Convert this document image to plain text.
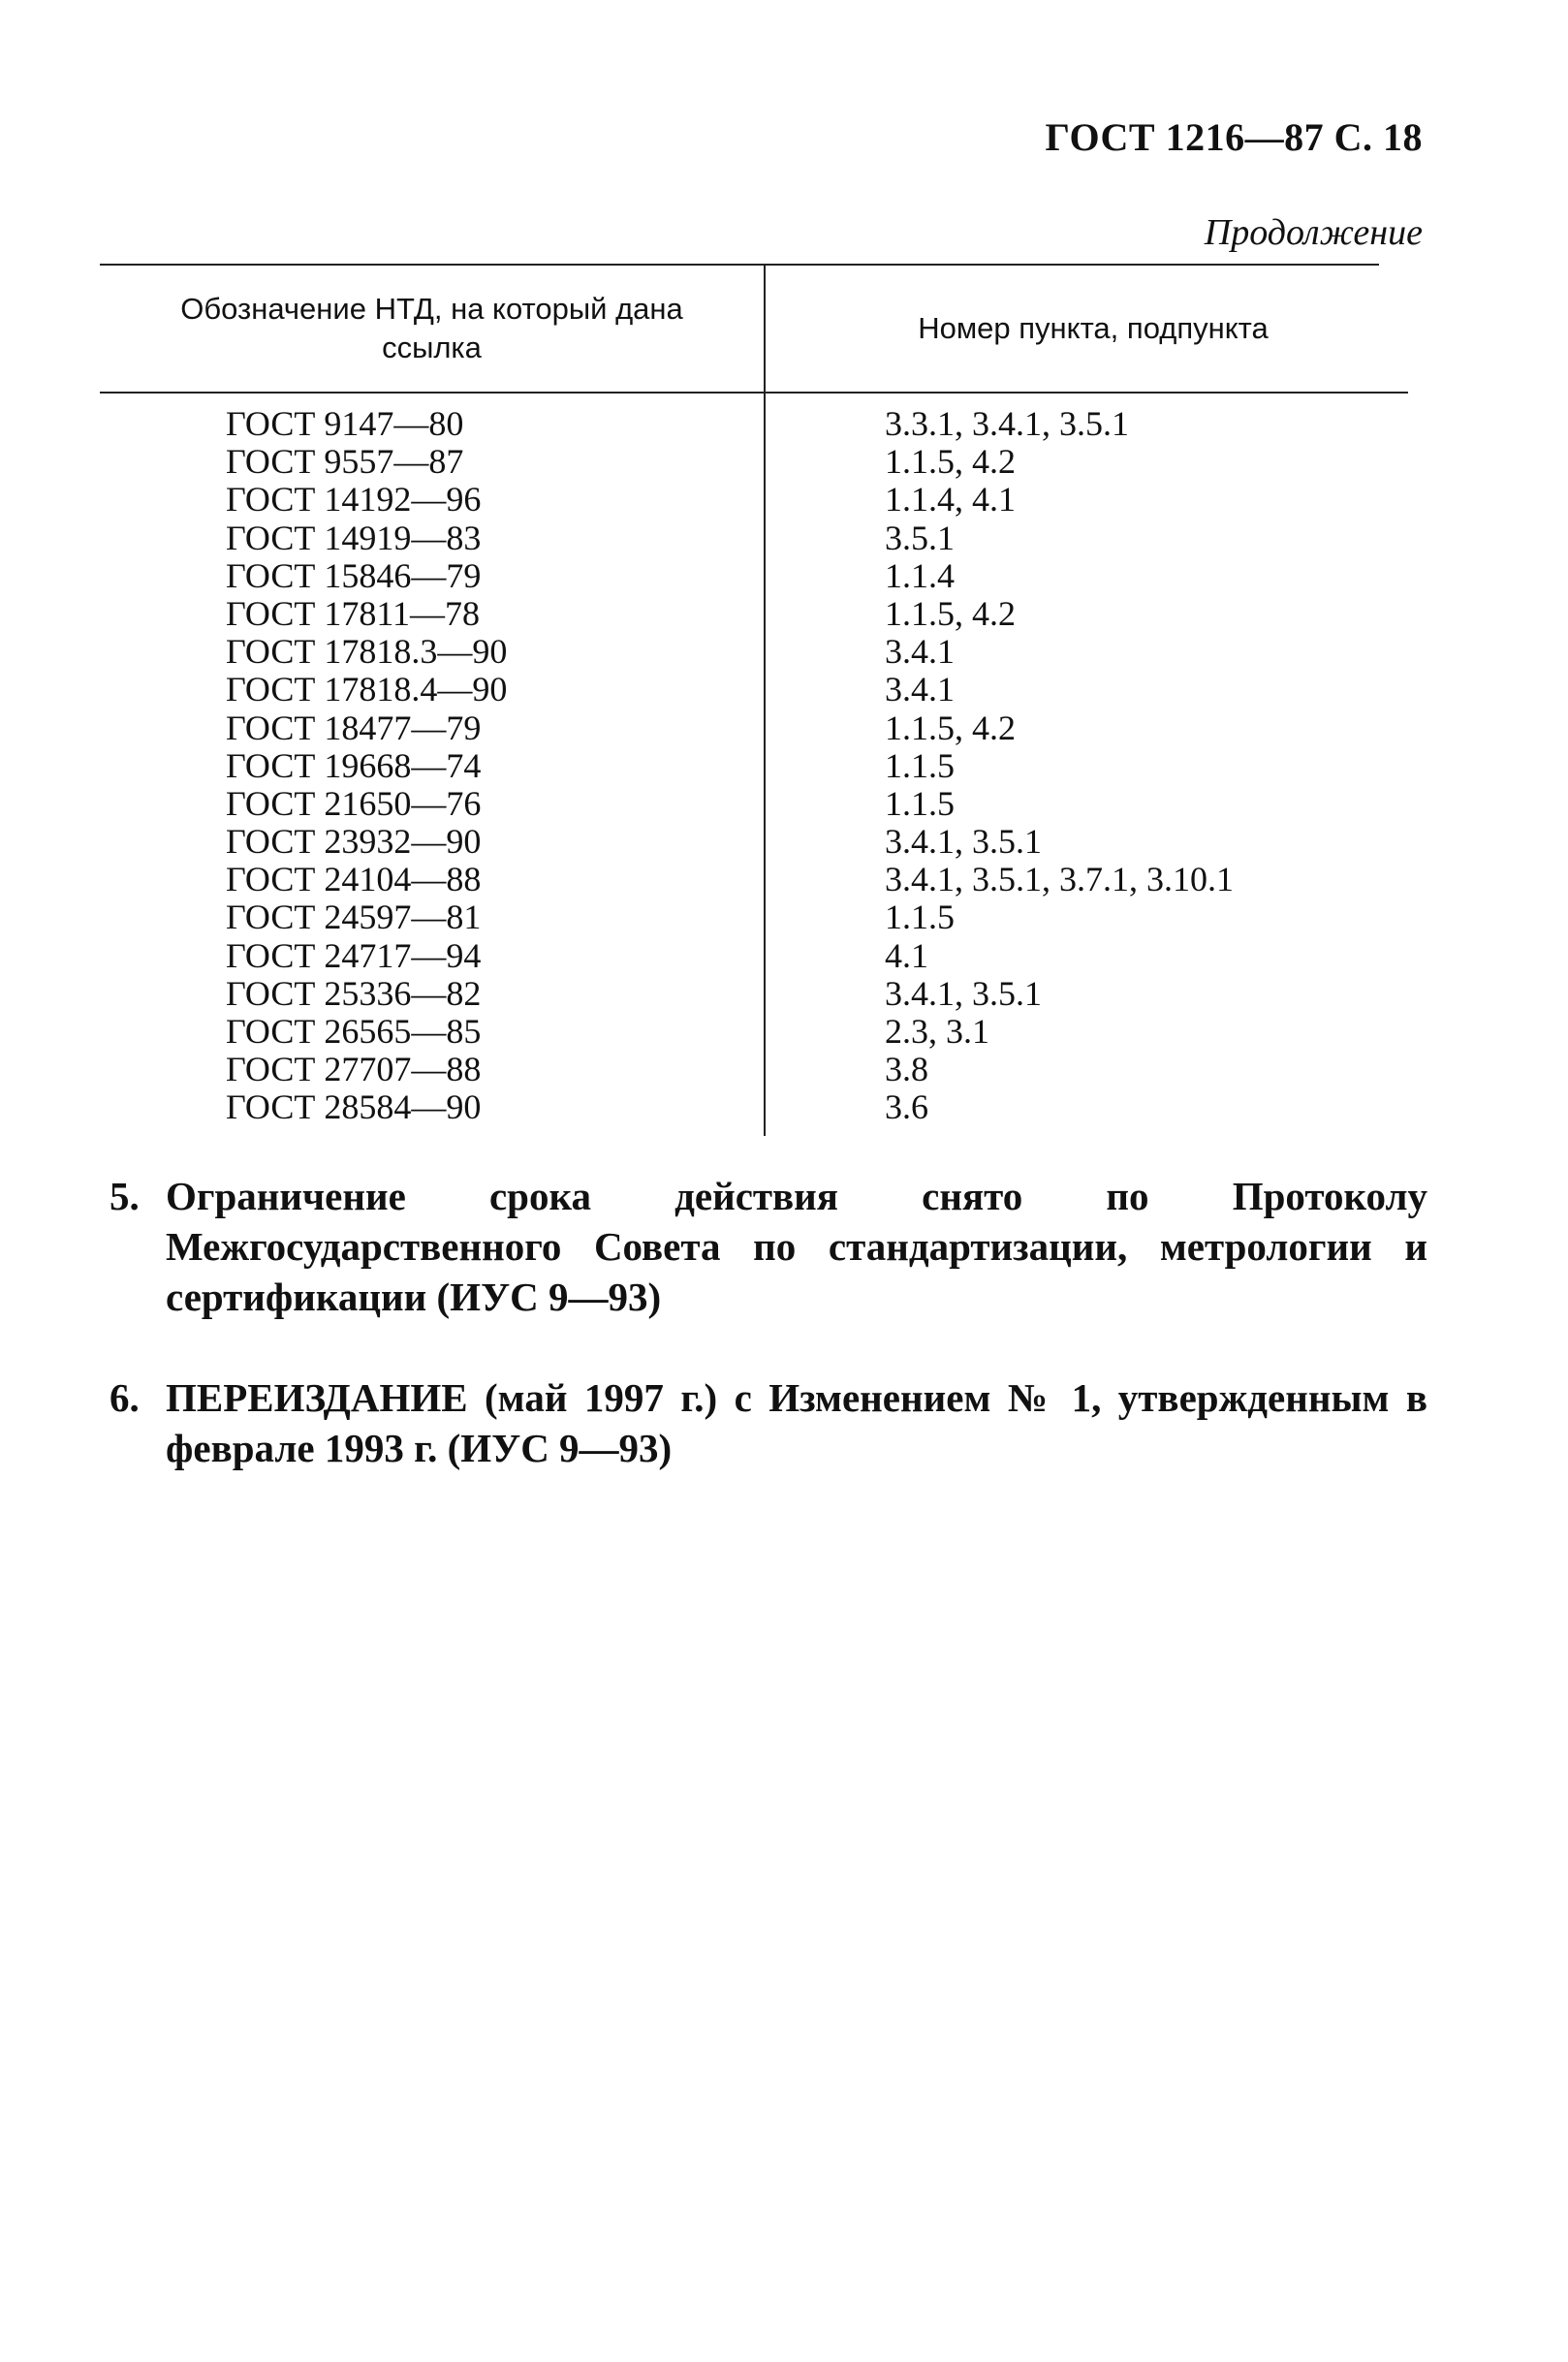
ГОСТ 1216—87 С. 18
Продолжение
Обозначение НТД, на который дана ссылка
Номер пункта, подпункта
ГОСТ 9147—80	3.3.1, 3.4.1, 3.5.1
ГОСТ 9557—87	1.1.5, 4.2
ГОСТ 14192—96	1.1.4, 4.1
ГОСТ 14919—83	3.5.1
ГОСТ 15846—79	1.1.4
ГОСТ 17811—78	1.1.5, 4.2
ГОСТ 17818.3—90	3.4.1
ГОСТ 17818.4—90	3.4.1
ГОСТ 18477—79	1.1.5, 4.2
ГОСТ 19668—74	1.1.5
ГОСТ 21650—76	1.1.5
ГОСТ 23932—90	3.4.1, 3.5.1
ГОСТ 24104—88	3.4.1, 3.5.1, 3.7.1, 3.10.1
ГОСТ 24597—81	1.1.5
ГОСТ 24717—94	4.1
ГОСТ 25336—82	3.4.1, 3.5.1
ГОСТ 26565—85	2.3, 3.1
ГОСТ 27707—88	3.8
ГОСТ 28584—90	3.6
5. Ограничение срока действия снято по Протоколу Межгосударственного Совета по стандартизации, метрологии и сертификации (ИУС 9—93)
6. ПЕРЕИЗДАНИЕ (май 1997 г.) с Изменением № 1, утвержденным в феврале 1993 г. (ИУС 9—93)
